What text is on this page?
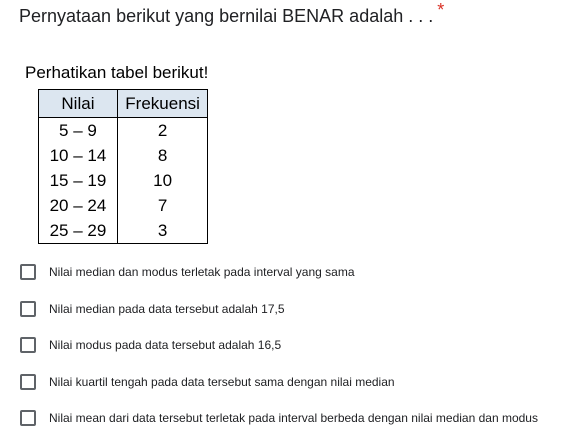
Pernyataan berikut yang bernilai BENAR adalah . . . *
Perhatikan tabel berikut!
Nilai	Frekuensi
5 – 9	2
10 – 14	8
15 – 19	10
20 – 24	7
25 – 29	3
Nilai median dan modus terletak pada interval yang sama
Nilai median pada data tersebut adalah 17,5
Nilai modus pada data tersebut adalah 16,5
Nilai kuartil tengah pada data tersebut sama dengan nilai median
Nilai mean dari data tersebut terletak pada interval berbeda dengan nilai median dan modus
